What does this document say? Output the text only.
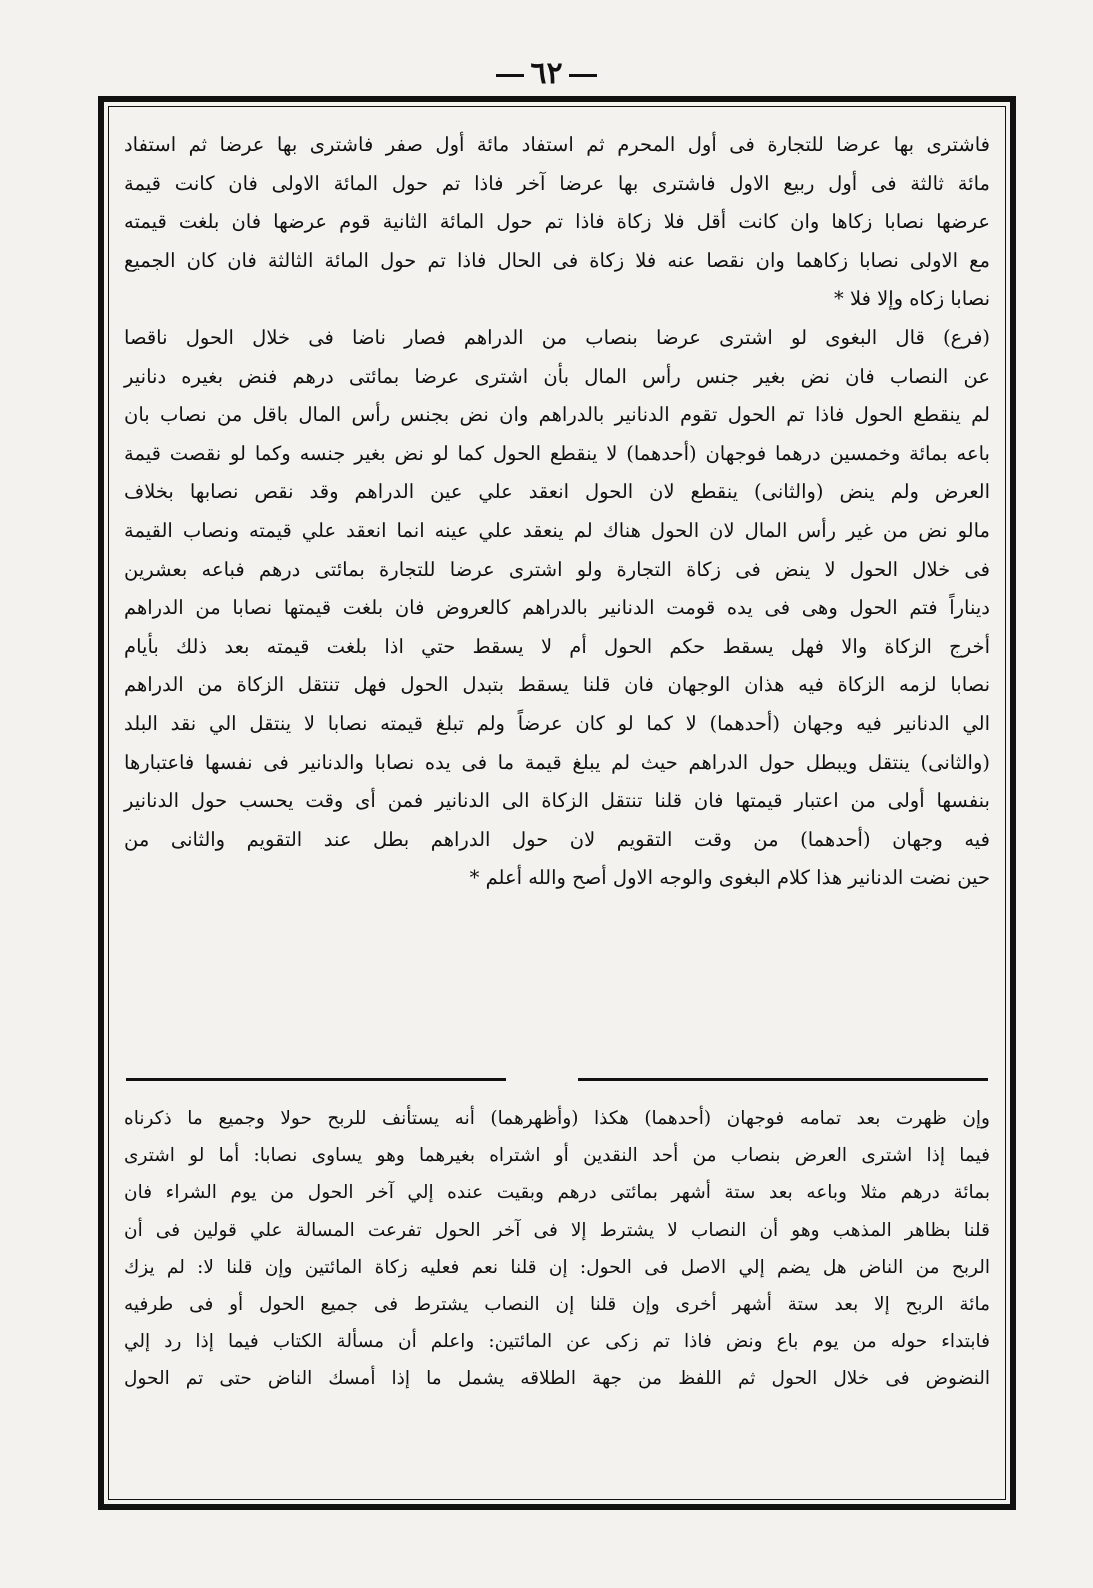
٦٢
فاشترى بها عرضا للتجارة فى أول المحرم ثم استفاد مائة أول صفر فاشترى بها عرضا ثم استفاد
مائة ثالثة فى أول ربيع الاول فاشترى بها عرضا آخر فاذا تم حول المائة الاولى فان كانت قيمة
عرضها نصابا زكاها وان كانت أقل فلا زكاة فاذا تم حول المائة الثانية قوم عرضها فان بلغت قيمته
مع الاولى نصابا زكاهما وان نقصا عنه فلا زكاة فى الحال فاذا تم حول المائة الثالثة فان كان الجميع
نصابا زكاه وإلا فلا *
(فرع) قال البغوى لو اشترى عرضا بنصاب من الدراهم فصار ناضا فى خلال الحول ناقصا
عن النصاب فان نض بغير جنس رأس المال بأن اشترى عرضا بمائتى درهم فنض بغيره دنانير
لم ينقطع الحول فاذا تم الحول تقوم الدنانير بالدراهم وان نض بجنس رأس المال باقل من نصاب بان
باعه بمائة وخمسين درهما فوجهان (أحدهما) لا ينقطع الحول كما لو نض بغير جنسه وكما لو نقصت قيمة
العرض ولم ينض (والثانى) ينقطع لان الحول انعقد علي عين الدراهم وقد نقص نصابها بخلاف
مالو نض من غير رأس المال لان الحول هناك لم ينعقد علي عينه انما انعقد علي قيمته ونصاب القيمة
فى خلال الحول لا ينض فى زكاة التجارة ولو اشترى عرضا للتجارة بمائتى درهم فباعه بعشرين
ديناراً فتم الحول وهى فى يده قومت الدنانير بالدراهم كالعروض فان بلغت قيمتها نصابا من الدراهم
أخرج الزكاة والا فهل يسقط حكم الحول أم لا يسقط حتي اذا بلغت قيمته بعد ذلك بأيام
نصابا لزمه الزكاة فيه هذان الوجهان فان قلنا يسقط بتبدل الحول فهل تنتقل الزكاة من الدراهم
الي الدنانير فيه وجهان (أحدهما) لا كما لو كان عرضاً ولم تبلغ قيمته نصابا لا ينتقل الي نقد البلد
(والثانى) ينتقل ويبطل حول الدراهم حيث لم يبلغ قيمة ما فى يده نصابا والدنانير فى نفسها فاعتبارها
بنفسها أولى من اعتبار قيمتها فان قلنا تنتقل الزكاة الى الدنانير فمن أى وقت يحسب حول الدنانير
فيه وجهان (أحدهما) من وقت التقويم لان حول الدراهم بطل عند التقويم والثانى من
حين نضت الدنانير هذا كلام البغوى والوجه الاول أصح والله أعلم *
وإن ظهرت بعد تمامه فوجهان (أحدهما) هكذا (وأظهرهما) أنه يستأنف للربح حولا وجميع ما ذكرناه
فيما إذا اشترى العرض بنصاب من أحد النقدين أو اشتراه بغيرهما وهو يساوى نصابا: أما لو اشترى
بمائة درهم مثلا وباعه بعد ستة أشهر بمائتى درهم وبقيت عنده إلي آخر الحول من يوم الشراء فان
قلنا بظاهر المذهب وهو أن النصاب لا يشترط إلا فى آخر الحول تفرعت المسالة علي قولين فى أن
الربح من الناض هل يضم إلي الاصل فى الحول: إن قلنا نعم فعليه زكاة المائتين وإن قلنا لا: لم يزك
مائة الربح إلا بعد ستة أشهر أخرى وإن قلنا إن النصاب يشترط فى جميع الحول أو فى طرفيه
فابتداء حوله من يوم باع ونض فاذا تم زكى عن المائتين: واعلم أن مسألة الكتاب فيما إذا رد إلي
النضوض فى خلال الحول ثم اللفظ من جهة الطلاقه يشمل ما إذا أمسك الناض حتى تم الحول
